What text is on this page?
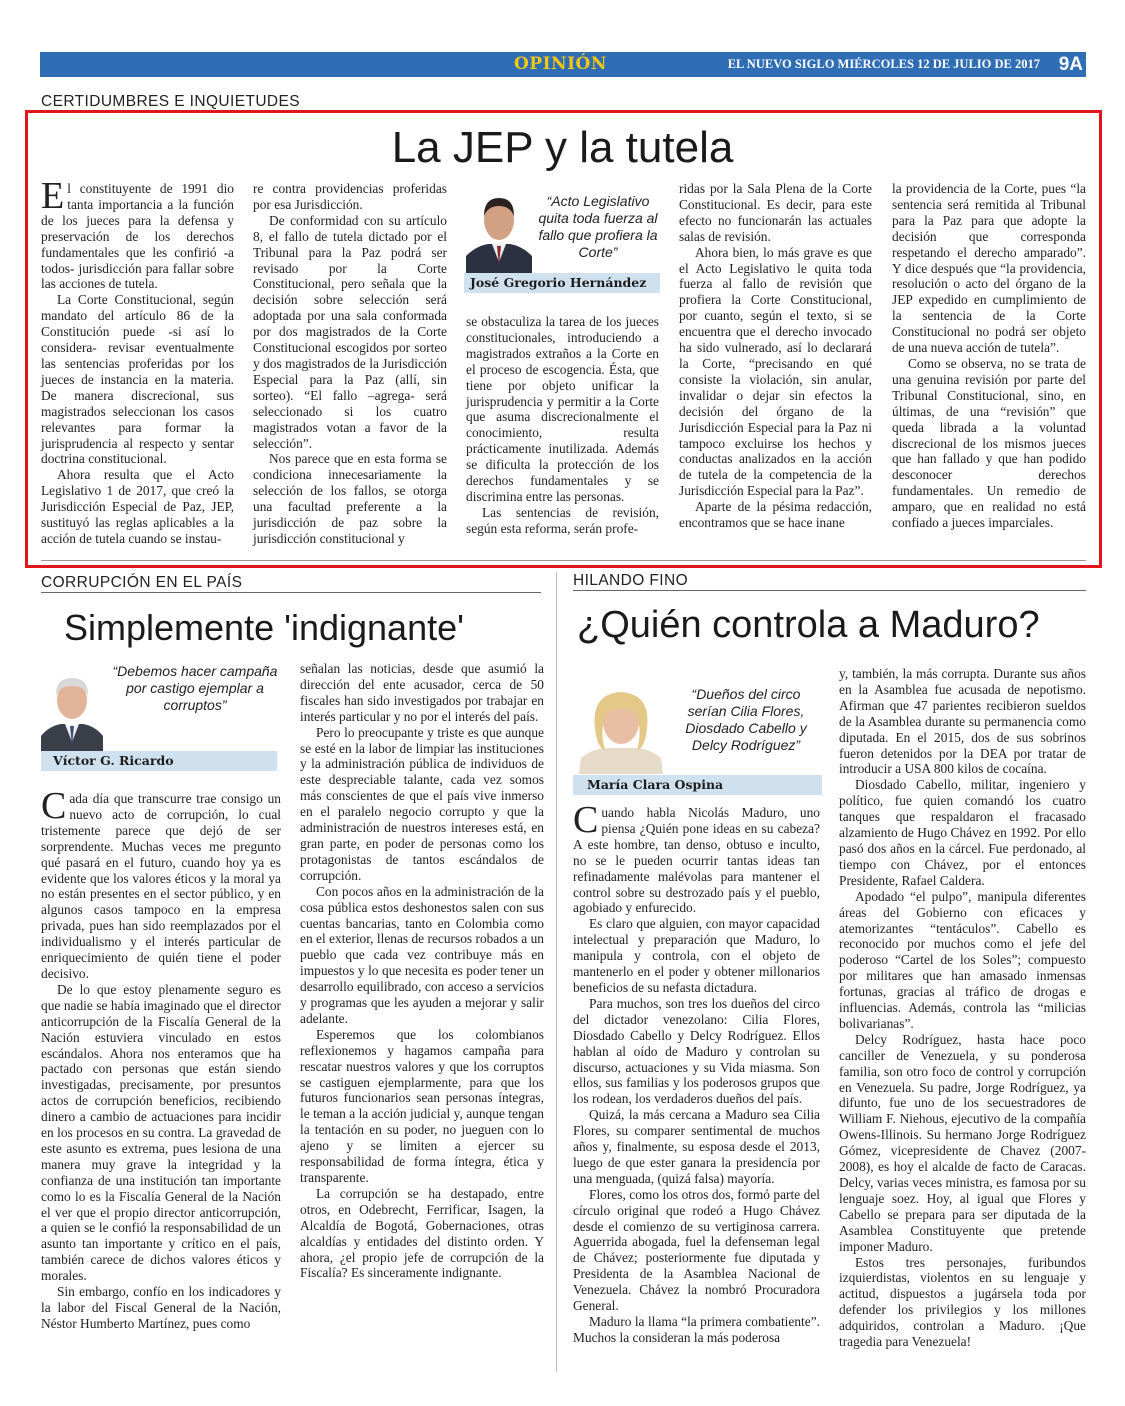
OPINIÓN	EL NUEVO SIGLO MIÉRCOLES 12 DE JULIO DE 2017 9A
CERTIDUMBRES E INQUIETUDES
La JEP y la tutela

El constituyente de 1991 dio tanta importancia a la función de los jueces para la defensa y preservación de los derechos fundamentales que les confirió -a todos- jurisdicción para fallar sobre las acciones de tutela.

La Corte Constitucional, según mandato del artículo 86 de la Constitución puede -si así lo considera- revisar eventualmente las sentencias proferidas por los jueces de instancia en la materia. De manera discrecional, sus magistrados seleccionan los casos relevantes para formar la jurisprudencia al respecto y sentar doctrina constitucional.

Ahora resulta que el Acto Legislativo 1 de 2017, que creó la Jurisdicción Especial de Paz, JEP, sustituyó las reglas aplicables a la acción de tutela cuando se instau-

re contra providencias proferidas por esa Jurisdicción.

De conformidad con su artículo 8, el fallo de tutela dictado por el Tribunal para la Paz podrá ser revisado por la Corte Constitucional, pero señala que la decisión sobre selección será adoptada por una sala conformada por dos magistrados de la Corte Constitucional escogidos por sorteo y dos magistrados de la Jurisdicción Especial para la Paz (allí, sin sorteo). “El fallo –agrega- será seleccionado si los cuatro magistrados votan a favor de la selección”.

Nos parece que en esta forma se condiciona innecesariamente la selección de los fallos, se otorga una facultad preferente a la jurisdicción de paz sobre la jurisdicción constitucional y

“Acto Legislativo quita toda fuerza al fallo que profiera la Corte”
José Gregorio Hernández

se obstaculiza la tarea de los jueces constitucionales, introduciendo a magistrados extraños a la Corte en el proceso de escogencia. Ésta, que tiene por objeto unificar la jurisprudencia y permitir a la Corte que asuma discrecionalmente el conocimiento, resulta prácticamente inutilizada. Además se dificulta la protección de los derechos fundamentales y se discrimina entre las personas.

Las sentencias de revisión, según esta reforma, serán profe-

ridas por la Sala Plena de la Corte Constitucional. Es decir, para este efecto no funcionarán las actuales salas de revisión.

Ahora bien, lo más grave es que el Acto Legislativo le quita toda fuerza al fallo de revisión que profiera la Corte Constitucional, por cuanto, según el texto, si se encuentra que el derecho invocado ha sido vulnerado, así lo declarará la Corte, “precisando en qué consiste la violación, sin anular, invalidar o dejar sin efectos la decisión del órgano de la Jurisdicción Especial para la Paz ni tampoco excluirse los hechos y conductas analizados en la acción de tutela de la competencia de la Jurisdicción Especial para la Paz”.

Aparte de la pésima redacción, encontramos que se hace inane

la providencia de la Corte, pues “la sentencia será remitida al Tribunal para la Paz para que adopte la decisión que corresponda respetando el derecho amparado”. Y dice después que “la providencia, resolución o acto del órgano de la JEP expedido en cumplimiento de la sentencia de la Corte Constitucional no podrá ser objeto de una nueva acción de tutela”.

Como se observa, no se trata de una genuina revisión por parte del Tribunal Constitucional, sino, en últimas, de una “revisión” que queda librada a la voluntad discrecional de los mismos jueces que han fallado y que han podido desconocer derechos fundamentales. Un remedio de amparo, que en realidad no está confiado a jueces imparciales.

CORRUPCIÓN EN EL PAÍS
Simplemente 'indignante'
“Debemos hacer campaña por castigo ejemplar a corruptos”
Víctor G. Ricardo

Cada día que transcurre trae consigo un nuevo acto de corrupción, lo cual tristemente parece que dejó de ser sorprendente. Muchas veces me pregunto qué pasará en el futuro, cuando hoy ya es evidente que los valores éticos y la moral ya no están presentes en el sector público, y en algunos casos tampoco en la empresa privada, pues han sido reemplazados por el individualismo y el interés particular de enriquecimiento de quién tiene el poder decisivo.

De lo que estoy plenamente seguro es que nadie se había imaginado que el director anticorrupción de la Fiscalía General de la Nación estuviera vinculado en estos escándalos. Ahora nos enteramos que ha pactado con personas que están siendo investigadas, precisamente, por presuntos actos de corrupción beneficios, recibiendo dinero a cambio de actuaciones para incidir en los procesos en su contra. La gravedad de este asunto es extrema, pues lesiona de una manera muy grave la integridad y la confianza de una institución tan importante como lo es la Fiscalía General de la Nación el ver que el propio director anticorrupción, a quien se le confió la responsabilidad de un asunto tan importante y crítico en el país, también carece de dichos valores éticos y morales.

Sin embargo, confío en los indicadores y la labor del Fiscal General de la Nación, Néstor Humberto Martínez, pues como

señalan las noticias, desde que asumió la dirección del ente acusador, cerca de 50 fiscales han sido investigados por trabajar en interés particular y no por el interés del país.

Pero lo preocupante y triste es que aunque se esté en la labor de limpiar las instituciones y la administración pública de individuos de este despreciable talante, cada vez somos más conscientes de que el país vive inmerso en el paralelo negocio corrupto y que la administración de nuestros intereses está, en gran parte, en poder de personas como los protagonistas de tantos escándalos de corrupción.

Con pocos años en la administración de la cosa pública estos deshonestos salen con sus cuentas bancarias, tanto en Colombia como en el exterior, llenas de recursos robados a un pueblo que cada vez contribuye más en impuestos y lo que necesita es poder tener un desarrollo equilibrado, con acceso a servicios y programas que les ayuden a mejorar y salir adelante.

Esperemos que los colombianos reflexionemos y hagamos campaña para rescatar nuestros valores y que los corruptos se castiguen ejemplarmente, para que los futuros funcionarios sean personas íntegras, le teman a la acción judicial y, aunque tengan la tentación en su poder, no jueguen con lo ajeno y se limiten a ejercer su responsabilidad de forma íntegra, ética y transparente.

La corrupción se ha destapado, entre otros, en Odebrecht, Ferrificar, Isagen, la Alcaldía de Bogotá, Gobernaciones, otras alcaldías y entidades del distinto orden. Y ahora, ¿el propio jefe de corrupción de la Fiscalía? Es sinceramente indignante.

HILANDO FINO
¿Quién controla a Maduro?
“Dueños del circo serían Cilia Flores, Diosdado Cabello y Delcy Rodríguez”
María Clara Ospina

Cuando habla Nicolás Maduro, uno piensa ¿Quién pone ideas en su cabeza? A este hombre, tan denso, obtuso e inculto, no se le pueden ocurrir tantas ideas tan refinadamente malévolas para mantener el control sobre su destrozado país y el pueblo, agobiado y enfurecido.

Es claro que alguien, con mayor capacidad intelectual y preparación que Maduro, lo manipula y controla, con el objeto de mantenerlo en el poder y obtener millonarios beneficios de su nefasta dictadura.

Para muchos, son tres los dueños del circo del dictador venezolano: Cilia Flores, Diosdado Cabello y Delcy Rodríguez. Ellos hablan al oído de Maduro y controlan su discurso, actuaciones y su Vida miasma. Son ellos, sus familias y los poderosos grupos que los rodean, los verdaderos dueños del país.

Quizá, la más cercana a Maduro sea Cilia Flores, su comparer sentimental de muchos años y, finalmente, su esposa desde el 2013, luego de que ester ganara la presidencia por una menguada, (quizá falsa) mayoría.

Flores, como los otros dos, formó parte del círculo original que rodeó a Hugo Chávez desde el comienzo de su vertiginosa carrera. Aguerrida abogada, fuel la defenseman legal de Chávez; posteriormente fue diputada y Presidenta de la Asamblea Nacional de Venezuela. Chávez la nombró Procuradora General.

Maduro la llama “la primera combatiente”. Muchos la consideran la más poderosa

y, también, la más corrupta. Durante sus años en la Asamblea fue acusada de nepotismo. Afirman que 47 parientes recibieron sueldos de la Asamblea durante su permanencia como diputada. En el 2015, dos de sus sobrinos fueron detenidos por la DEA por tratar de introducir a USA 800 kilos de cocaína.

Diosdado Cabello, militar, ingeniero y político, fue quien comandó los cuatro tanques que respaldaron el fracasado alzamiento de Hugo Chávez en 1992. Por ello pasó dos años en la cárcel. Fue perdonado, al tiempo con Chávez, por el entonces Presidente, Rafael Caldera.

Apodado “el pulpo”, manipula diferentes áreas del Gobierno con eficaces y atemorizantes “tentáculos”. Cabello es reconocido por muchos como el jefe del poderoso “Cartel de los Soles”; compuesto por militares que han amasado inmensas fortunas, gracias al tráfico de drogas e influencias. Además, controla las “milicias bolivarianas”.

Delcy Rodríguez, hasta hace poco canciller de Venezuela, y su ponderosa familia, son otro foco de control y corrupción en Venezuela. Su padre, Jorge Rodríguez, ya difunto, fue uno de los secuestradores de William F. Niehous, ejecutivo de la compañía Owens-Illinois. Su hermano Jorge Rodríguez Gómez, vicepresidente de Chavez (2007- 2008), es hoy el alcalde de facto de Caracas. Delcy, varias veces ministra, es famosa por su lenguaje soez. Hoy, al igual que Flores y Cabello se prepara para ser diputada de la Asamblea Constituyente que pretende imponer Maduro.

Estos tres personajes, furibundos izquierdistas, violentos en su lenguaje y actitud, dispuestos a jugársela toda por defender los privilegios y los millones adquiridos, controlan a Maduro. ¡Que tragedia para Venezuela!
